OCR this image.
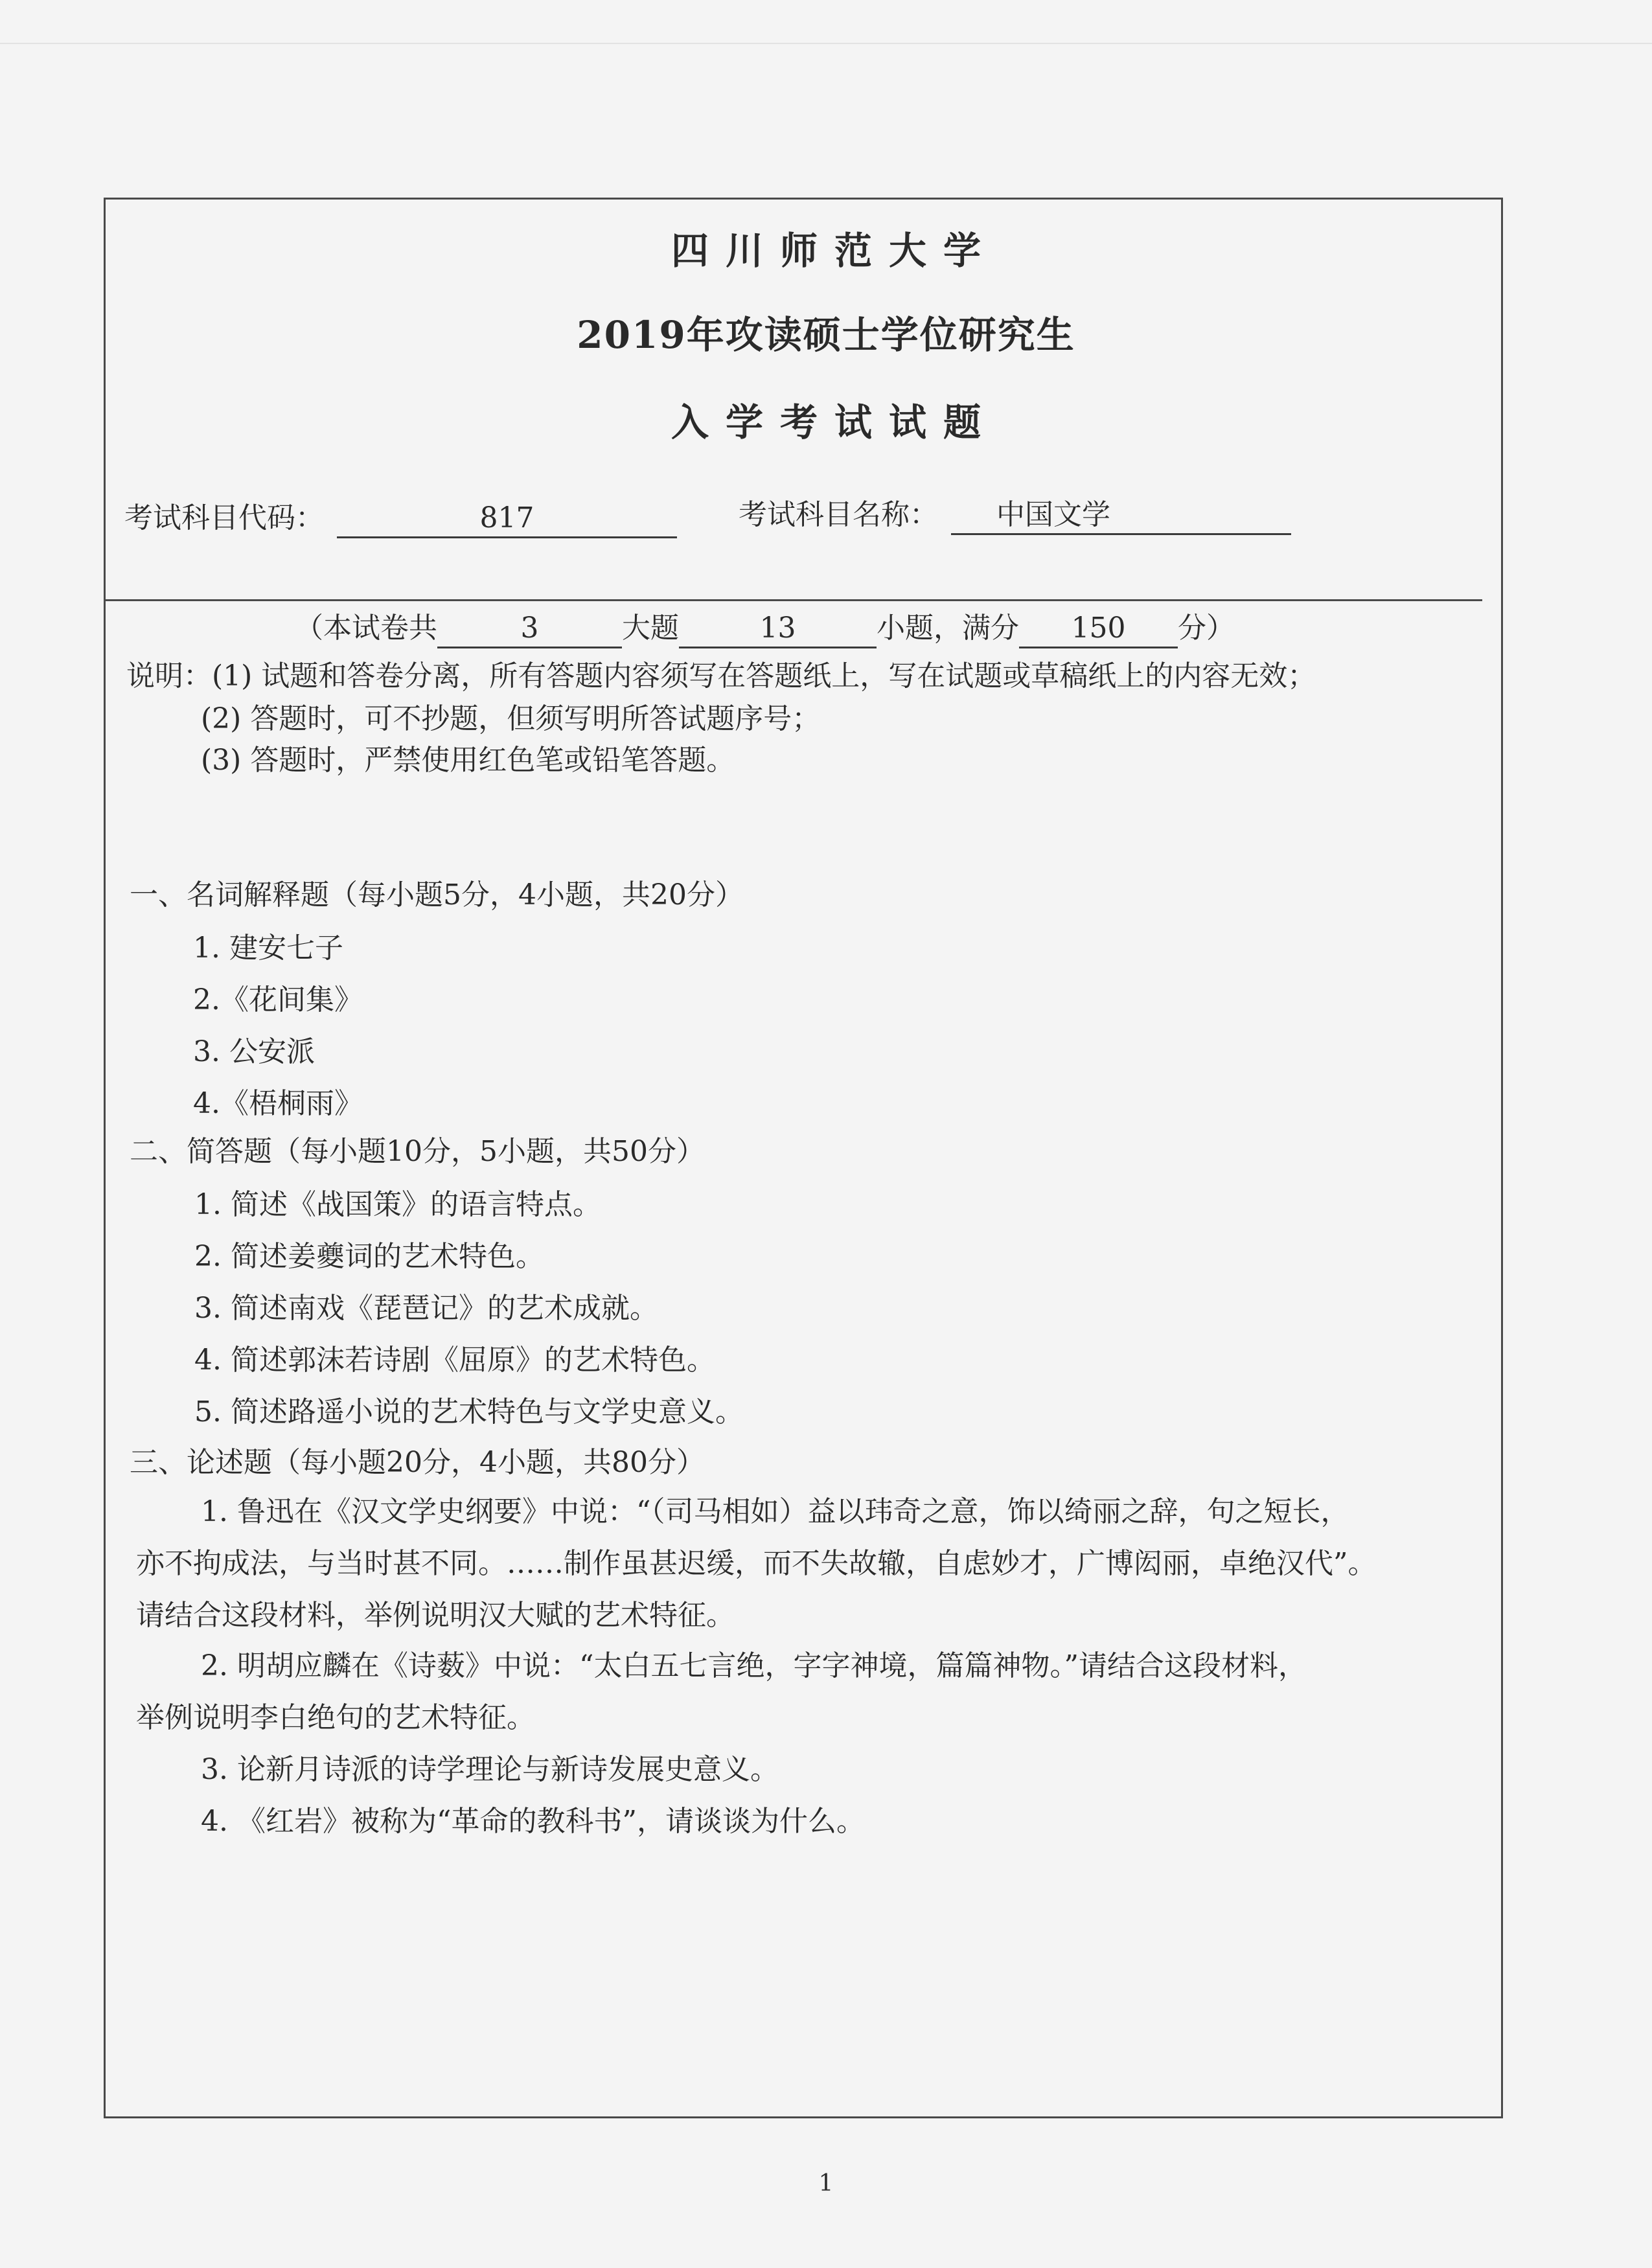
四川师范大学
2019年攻读硕士学位研究生
入学考试试题
考试科目代码：	817	考试科目名称： 中国文学
（本试卷共	3	大题	13	小题，满分 150 分）
说明：(1) 试题和答卷分离，所有答题内容须写在答题纸上，写在试题或草稿纸上的内容无效；
(2) 答题时，可不抄题，但须写明所答试题序号；
(3) 答题时，严禁使用红色笔或铅笔答题。
一、名词解释题（每小题5分，4小题，共20分）
1. 建安七子
2.《花间集》
3. 公安派
4.《梧桐雨》
二、简答题（每小题10分，5小题，共50分）
1. 简述《战国策》的语言特点。
2. 简述姜夔词的艺术特色。
3. 简述南戏《琵琶记》的艺术成就。
4. 简述郭沫若诗剧《屈原》的艺术特色。
5. 简述路遥小说的艺术特色与文学史意义。
三、论述题（每小题20分，4小题，共80分）
1. 鲁迅在《汉文学史纲要》中说：“（司马相如）益以玮奇之意，饰以绮丽之辞，句之短长，
亦不拘成法，与当时甚不同。……制作虽甚迟缓，而不失故辙，自虑妙才，广博闳丽，卓绝汉代”。
请结合这段材料，举例说明汉大赋的艺术特征。
2. 明胡应麟在《诗薮》中说：“太白五七言绝，字字神境，篇篇神物。”请结合这段材料，
举例说明李白绝句的艺术特征。
3. 论新月诗派的诗学理论与新诗发展史意义。
4. 《红岩》被称为“革命的教科书”，请谈谈为什么。
1
